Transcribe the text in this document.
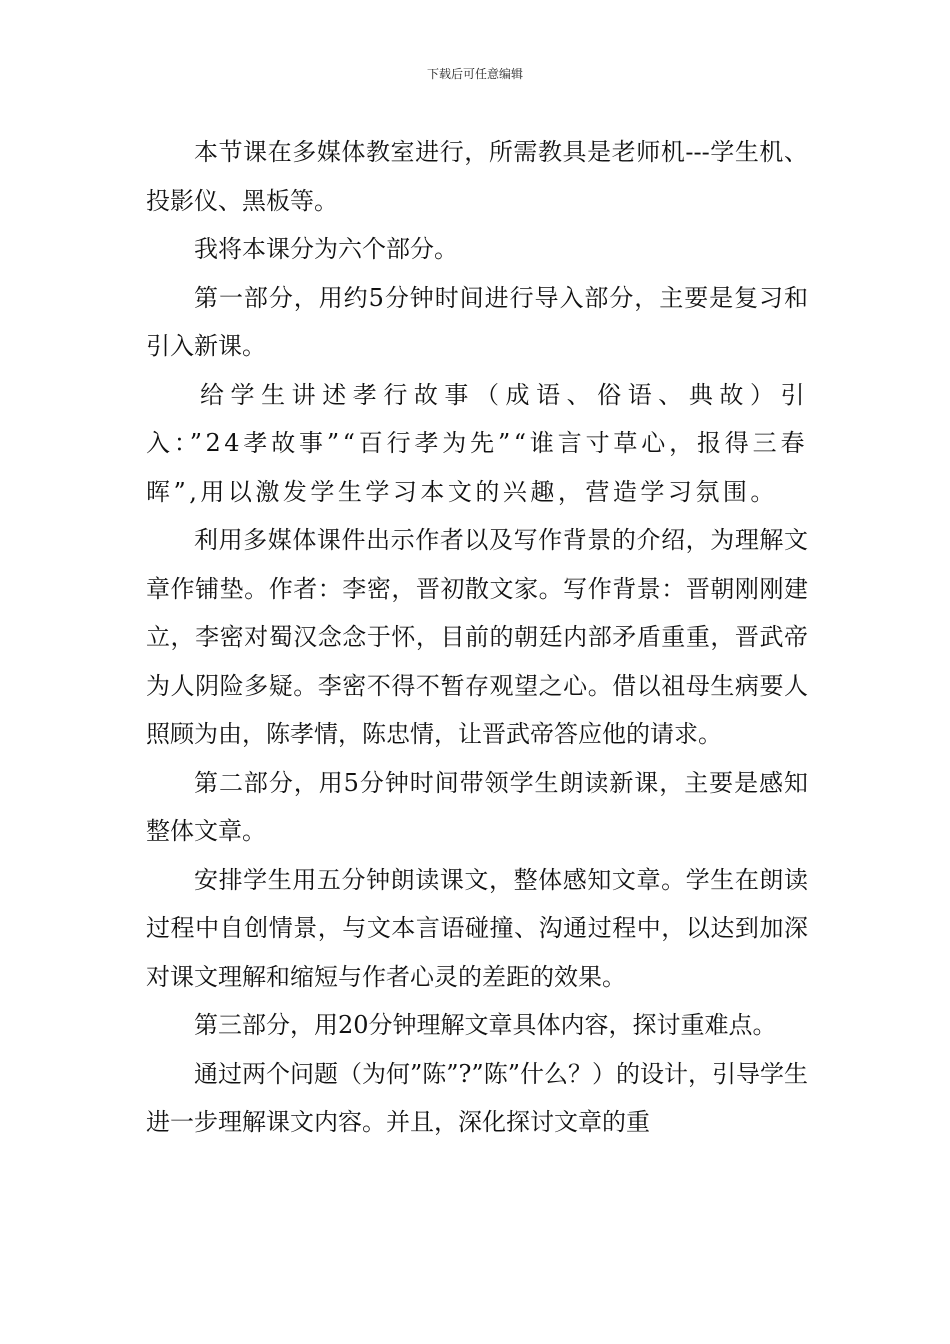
下载后可任意编辑

本节课在多媒体教室进行，所需教具是老师机---学生机、投影仪、黑板等。

我将本课分为六个部分。

第一部分，用约5分钟时间进行导入部分，主要是复习和引入新课。

给学生讲述孝行故事（成语、俗语、典故）引入：”24孝故事”“百行孝为先”“谁言寸草心，报得三春晖”,用以激发学生学习本文的兴趣，营造学习氛围。

利用多媒体课件出示作者以及写作背景的介绍，为理解文章作铺垫。作者：李密，晋初散文家。写作背景：晋朝刚刚建立，李密对蜀汉念念于怀，目前的朝廷内部矛盾重重，晋武帝为人阴险多疑。李密不得不暂存观望之心。借以祖母生病要人照顾为由，陈孝情，陈忠情，让晋武帝答应他的请求。

第二部分，用5分钟时间带领学生朗读新课，主要是感知整体文章。

安排学生用五分钟朗读课文，整体感知文章。学生在朗读过程中自创情景，与文本言语碰撞、沟通过程中，以达到加深对课文理解和缩短与作者心灵的差距的效果。

第三部分，用20分钟理解文章具体内容，探讨重难点。

通过两个问题（为何”陈”?”陈”什么？）的设计，引导学生进一步理解课文内容。并且，深化探讨文章的重
